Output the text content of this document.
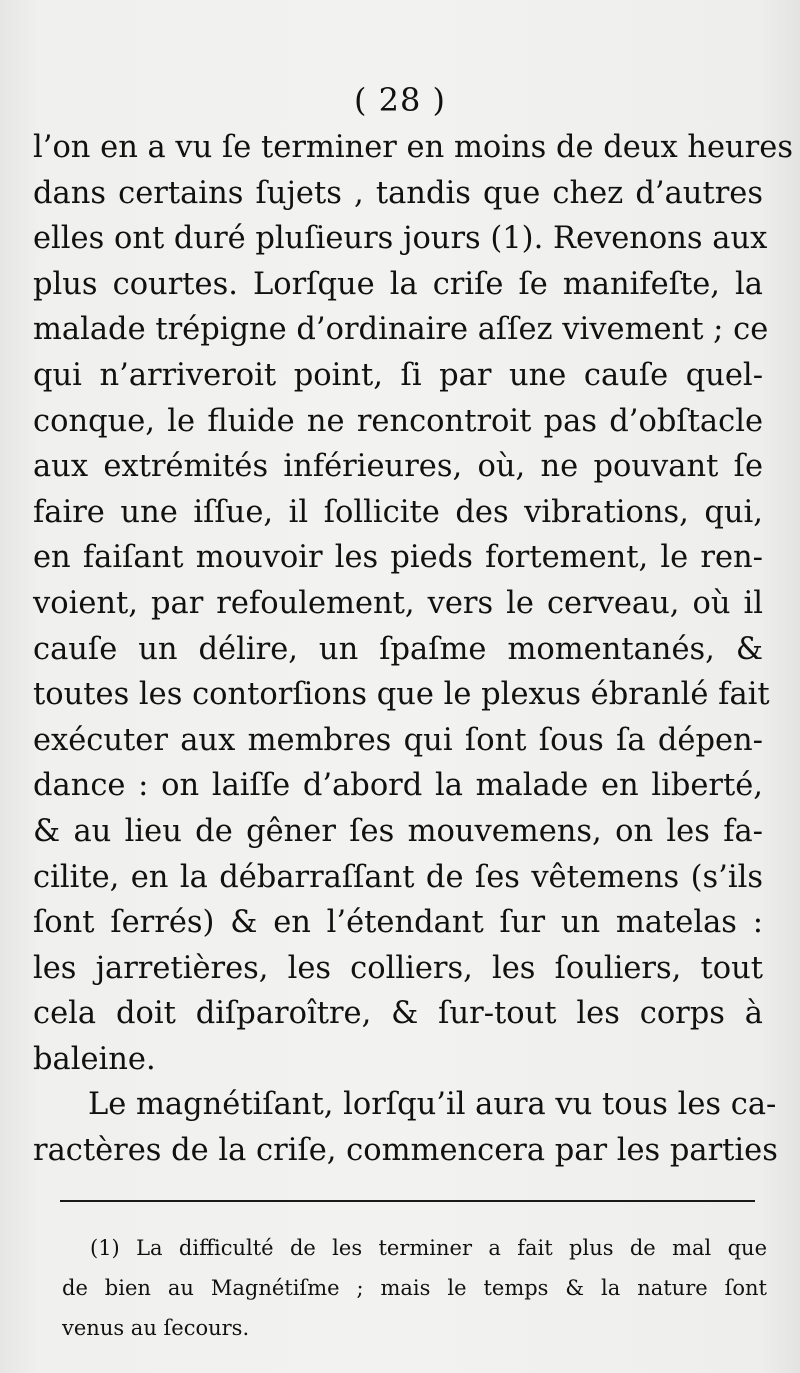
( 28 )
l’on en a vu ſe terminer en moins de deux heures
dans certains ſujets , tandis que chez d’autres
elles ont duré pluſieurs jours (1). Revenons aux
plus courtes. Lorſque la criſe ſe manifeſte, la
malade trépigne d’ordinaire aſſez vivement ; ce
qui n’arriveroit point, ſi par une cauſe quel-
conque, le fluide ne rencontroit pas d’obſtacle
aux extrémités inférieures, où, ne pouvant ſe
faire une iſſue, il ſollicite des vibrations, qui,
en faiſant mouvoir les pieds fortement, le ren-
voient, par refoulement, vers le cerveau, où il
cauſe un délire, un ſpaſme momentanés, &
toutes les contorſions que le plexus ébranlé fait
exécuter aux membres qui ſont ſous ſa dépen-
dance : on laiſſe d’abord la malade en liberté,
& au lieu de gêner ſes mouvemens, on les fa-
cilite, en la débarraſſant de ſes vêtemens (s’ils
ſont ſerrés) & en l’étendant ſur un matelas :
les jarretières, les colliers, les ſouliers, tout
cela doit diſparoître, & ſur-tout les corps à
baleine.
Le magnétiſant, lorſqu’il aura vu tous les ca-
ractères de la criſe, commencera par les parties
(1) La difficulté de les terminer a fait plus de mal que
de bien au Magnétiſme ; mais le temps & la nature ſont
venus au ſecours.
